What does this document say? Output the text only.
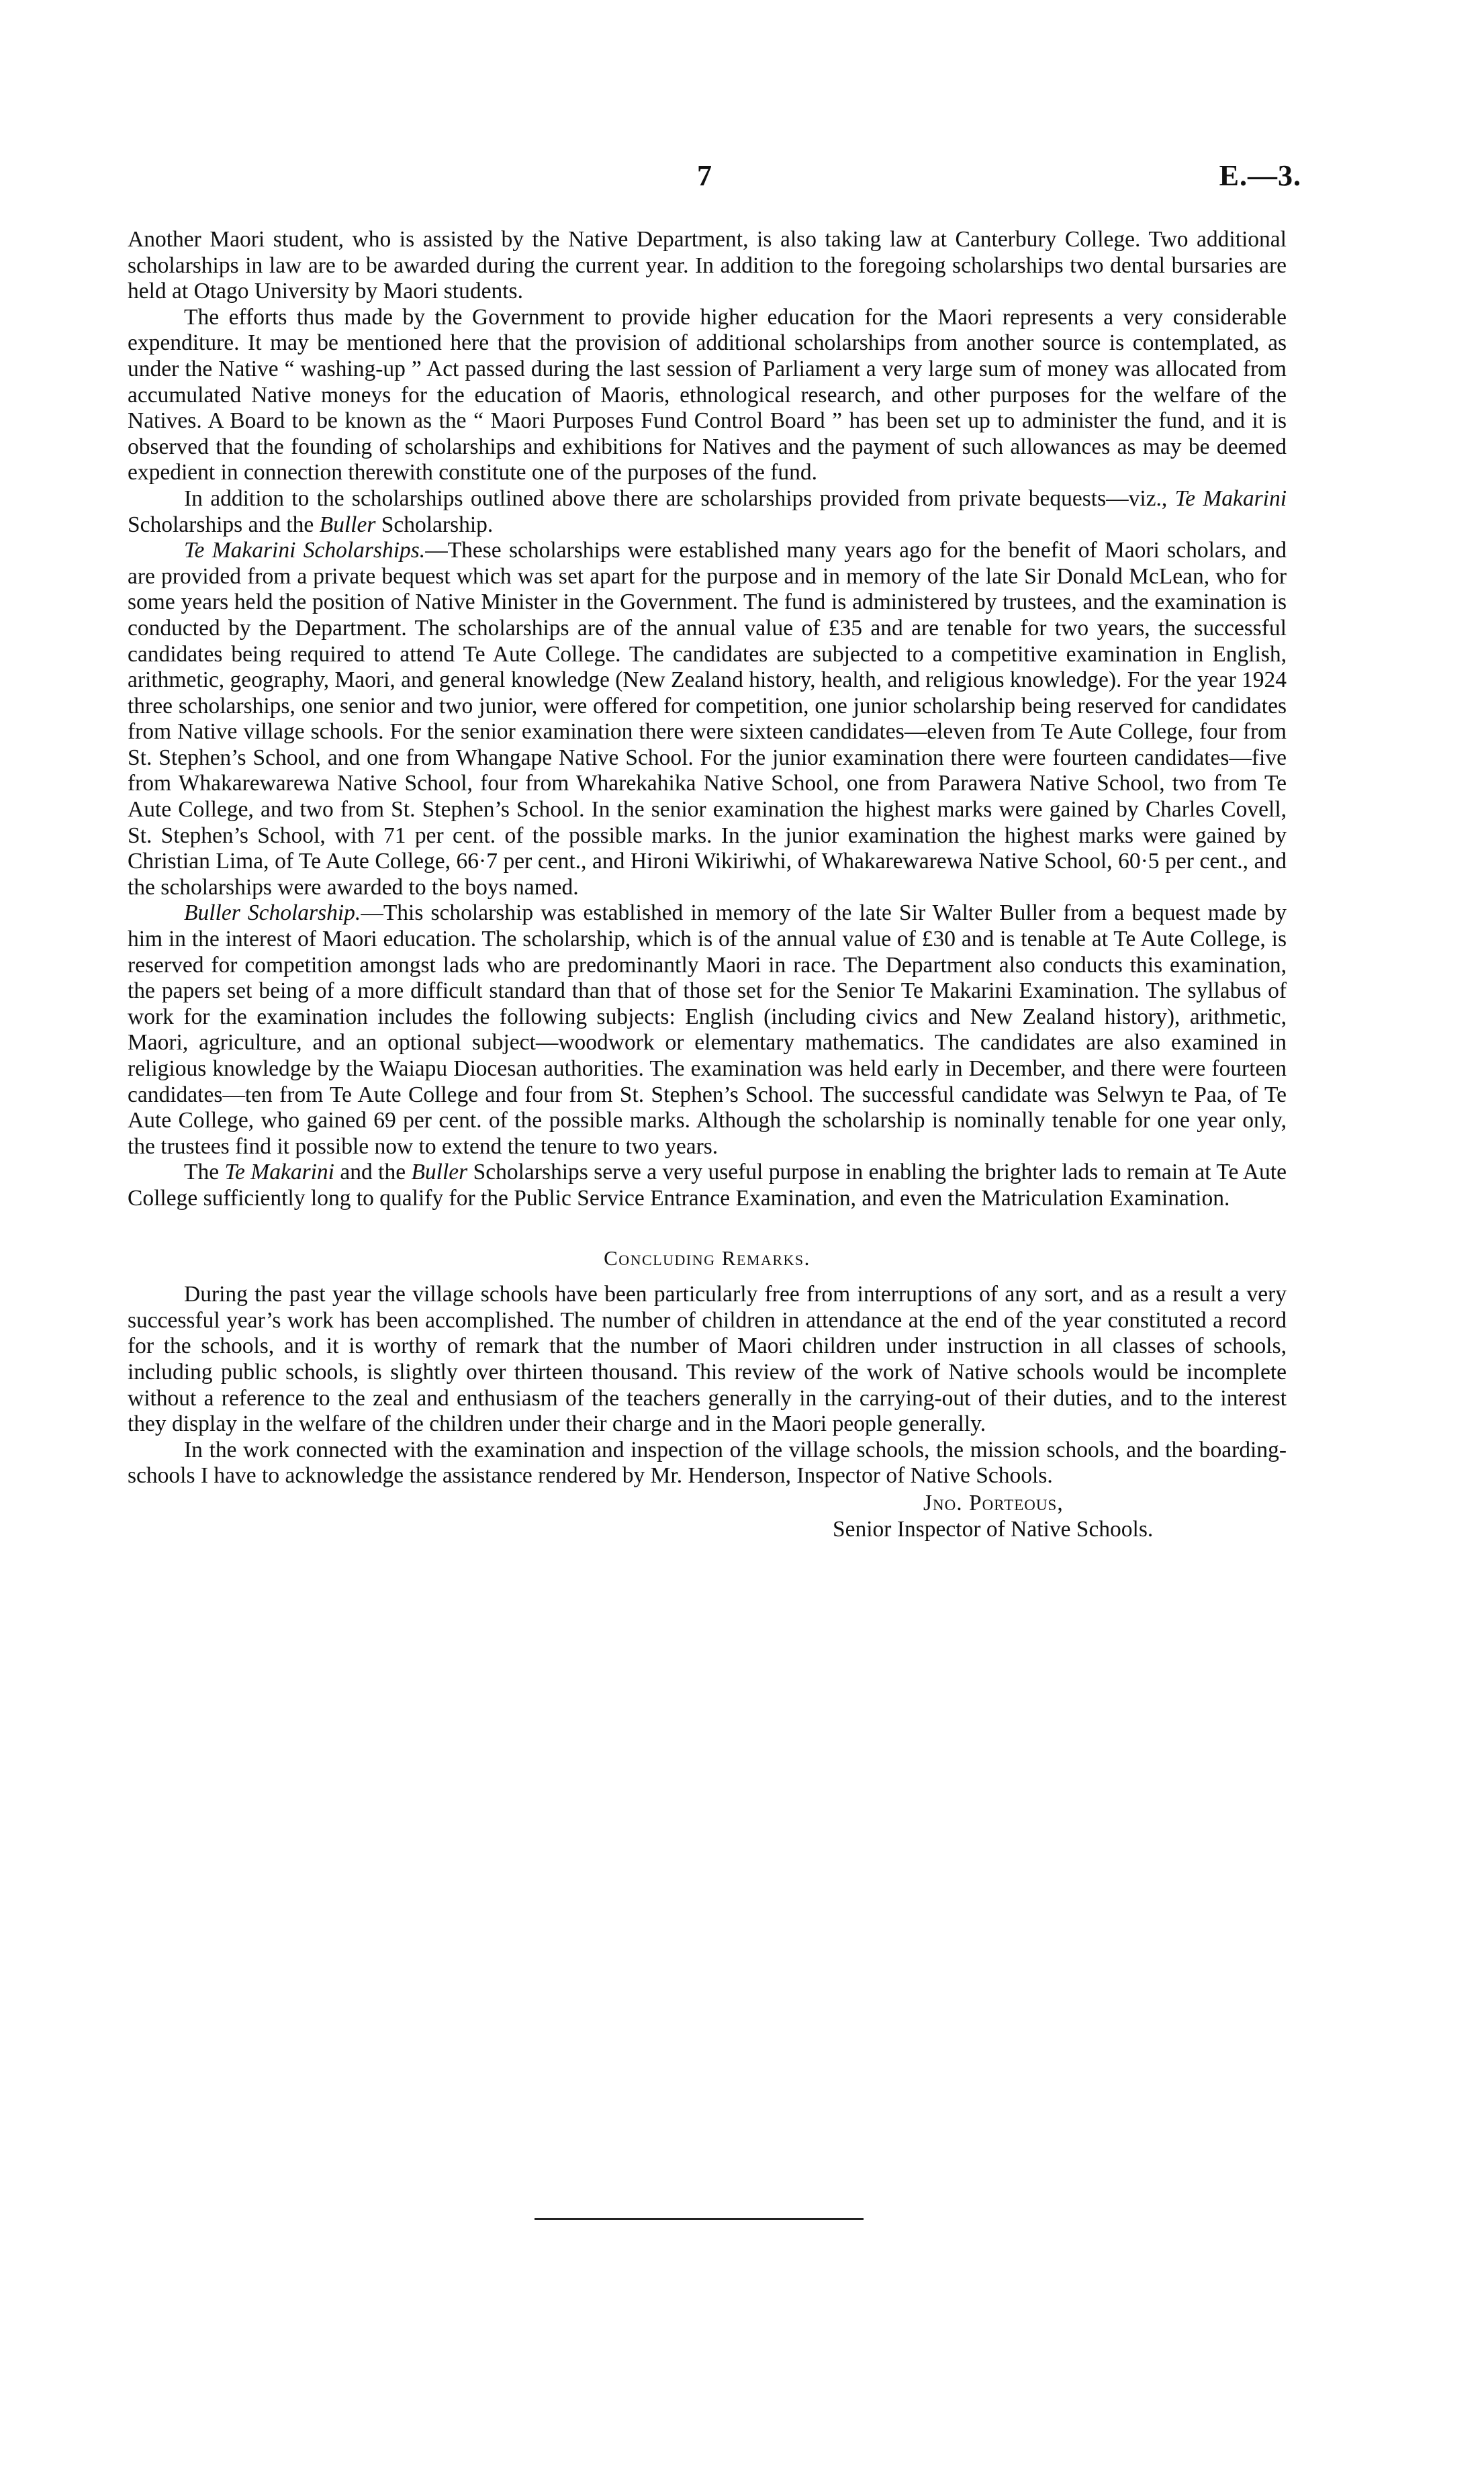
7	E.—3.

Another Maori student, who is assisted by the Native Department, is also taking law at Canterbury College. Two additional scholarships in law are to be awarded during the current year. In addition to the foregoing scholarships two dental bursaries are held at Otago University by Maori students.

The efforts thus made by the Government to provide higher education for the Maori represents a very considerable expenditure. It may be mentioned here that the provision of additional scholarships from another source is contemplated, as under the Native “ washing-up ” Act passed during the last session of Parliament a very large sum of money was allocated from accumulated Native moneys for the education of Maoris, ethnological research, and other purposes for the welfare of the Natives. A Board to be known as the “ Maori Purposes Fund Control Board ” has been set up to administer the fund, and it is observed that the founding of scholarships and exhibitions for Natives and the payment of such allowances as may be deemed expedient in connection therewith constitute one of the purposes of the fund.

In addition to the scholarships outlined above there are scholarships provided from private bequests—viz., Te Makarini Scholarships and the Buller Scholarship.

Te Makarini Scholarships.—These scholarships were established many years ago for the benefit of Maori scholars, and are provided from a private bequest which was set apart for the purpose and in memory of the late Sir Donald McLean, who for some years held the position of Native Minister in the Government. The fund is administered by trustees, and the examination is conducted by the Department. The scholarships are of the annual value of £35 and are tenable for two years, the successful candidates being required to attend Te Aute College. The candidates are subjected to a competitive examination in English, arithmetic, geography, Maori, and general knowledge (New Zealand history, health, and religious knowledge). For the year 1924 three scholarships, one senior and two junior, were offered for competition, one junior scholarship being reserved for candidates from Native village schools. For the senior examination there were sixteen candidates—eleven from Te Aute College, four from St. Stephen’s School, and one from Whangape Native School. For the junior examination there were fourteen candidates—five from Whakarewarewa Native School, four from Wharekahika Native School, one from Parawera Native School, two from Te Aute College, and two from St. Stephen’s School. In the senior examination the highest marks were gained by Charles Covell, St. Stephen’s School, with 71 per cent. of the possible marks. In the junior examination the highest marks were gained by Christian Lima, of Te Aute College, 66·7 per cent., and Hironi Wikiriwhi, of Whakarewarewa Native School, 60·5 per cent., and the scholarships were awarded to the boys named.

Buller Scholarship.—This scholarship was established in memory of the late Sir Walter Buller from a bequest made by him in the interest of Maori education. The scholarship, which is of the annual value of £30 and is tenable at Te Aute College, is reserved for competition amongst lads who are predominantly Maori in race. The Department also conducts this examination, the papers set being of a more difficult standard than that of those set for the Senior Te Makarini Examination. The syllabus of work for the examination includes the following subjects: English (including civics and New Zealand history), arithmetic, Maori, agriculture, and an optional subject—woodwork or elementary mathematics. The candidates are also examined in religious knowledge by the Waiapu Diocesan authorities. The examination was held early in December, and there were fourteen candidates—ten from Te Aute College and four from St. Stephen’s School. The successful candidate was Selwyn te Paa, of Te Aute College, who gained 69 per cent. of the possible marks. Although the scholarship is nominally tenable for one year only, the trustees find it possible now to extend the tenure to two years.

The Te Makarini and the Buller Scholarships serve a very useful purpose in enabling the brighter lads to remain at Te Aute College sufficiently long to qualify for the Public Service Entrance Examination, and even the Matriculation Examination.

Concluding Remarks.

During the past year the village schools have been particularly free from interruptions of any sort, and as a result a very successful year’s work has been accomplished. The number of children in attendance at the end of the year constituted a record for the schools, and it is worthy of remark that the number of Maori children under instruction in all classes of schools, including public schools, is slightly over thirteen thousand. This review of the work of Native schools would be incomplete without a reference to the zeal and enthusiasm of the teachers generally in the carrying-out of their duties, and to the interest they display in the welfare of the children under their charge and in the Maori people generally.

In the work connected with the examination and inspection of the village schools, the mission schools, and the boarding-schools I have to acknowledge the assistance rendered by Mr. Henderson, Inspector of Native Schools.

Jno. Porteous,
Senior Inspector of Native Schools.
